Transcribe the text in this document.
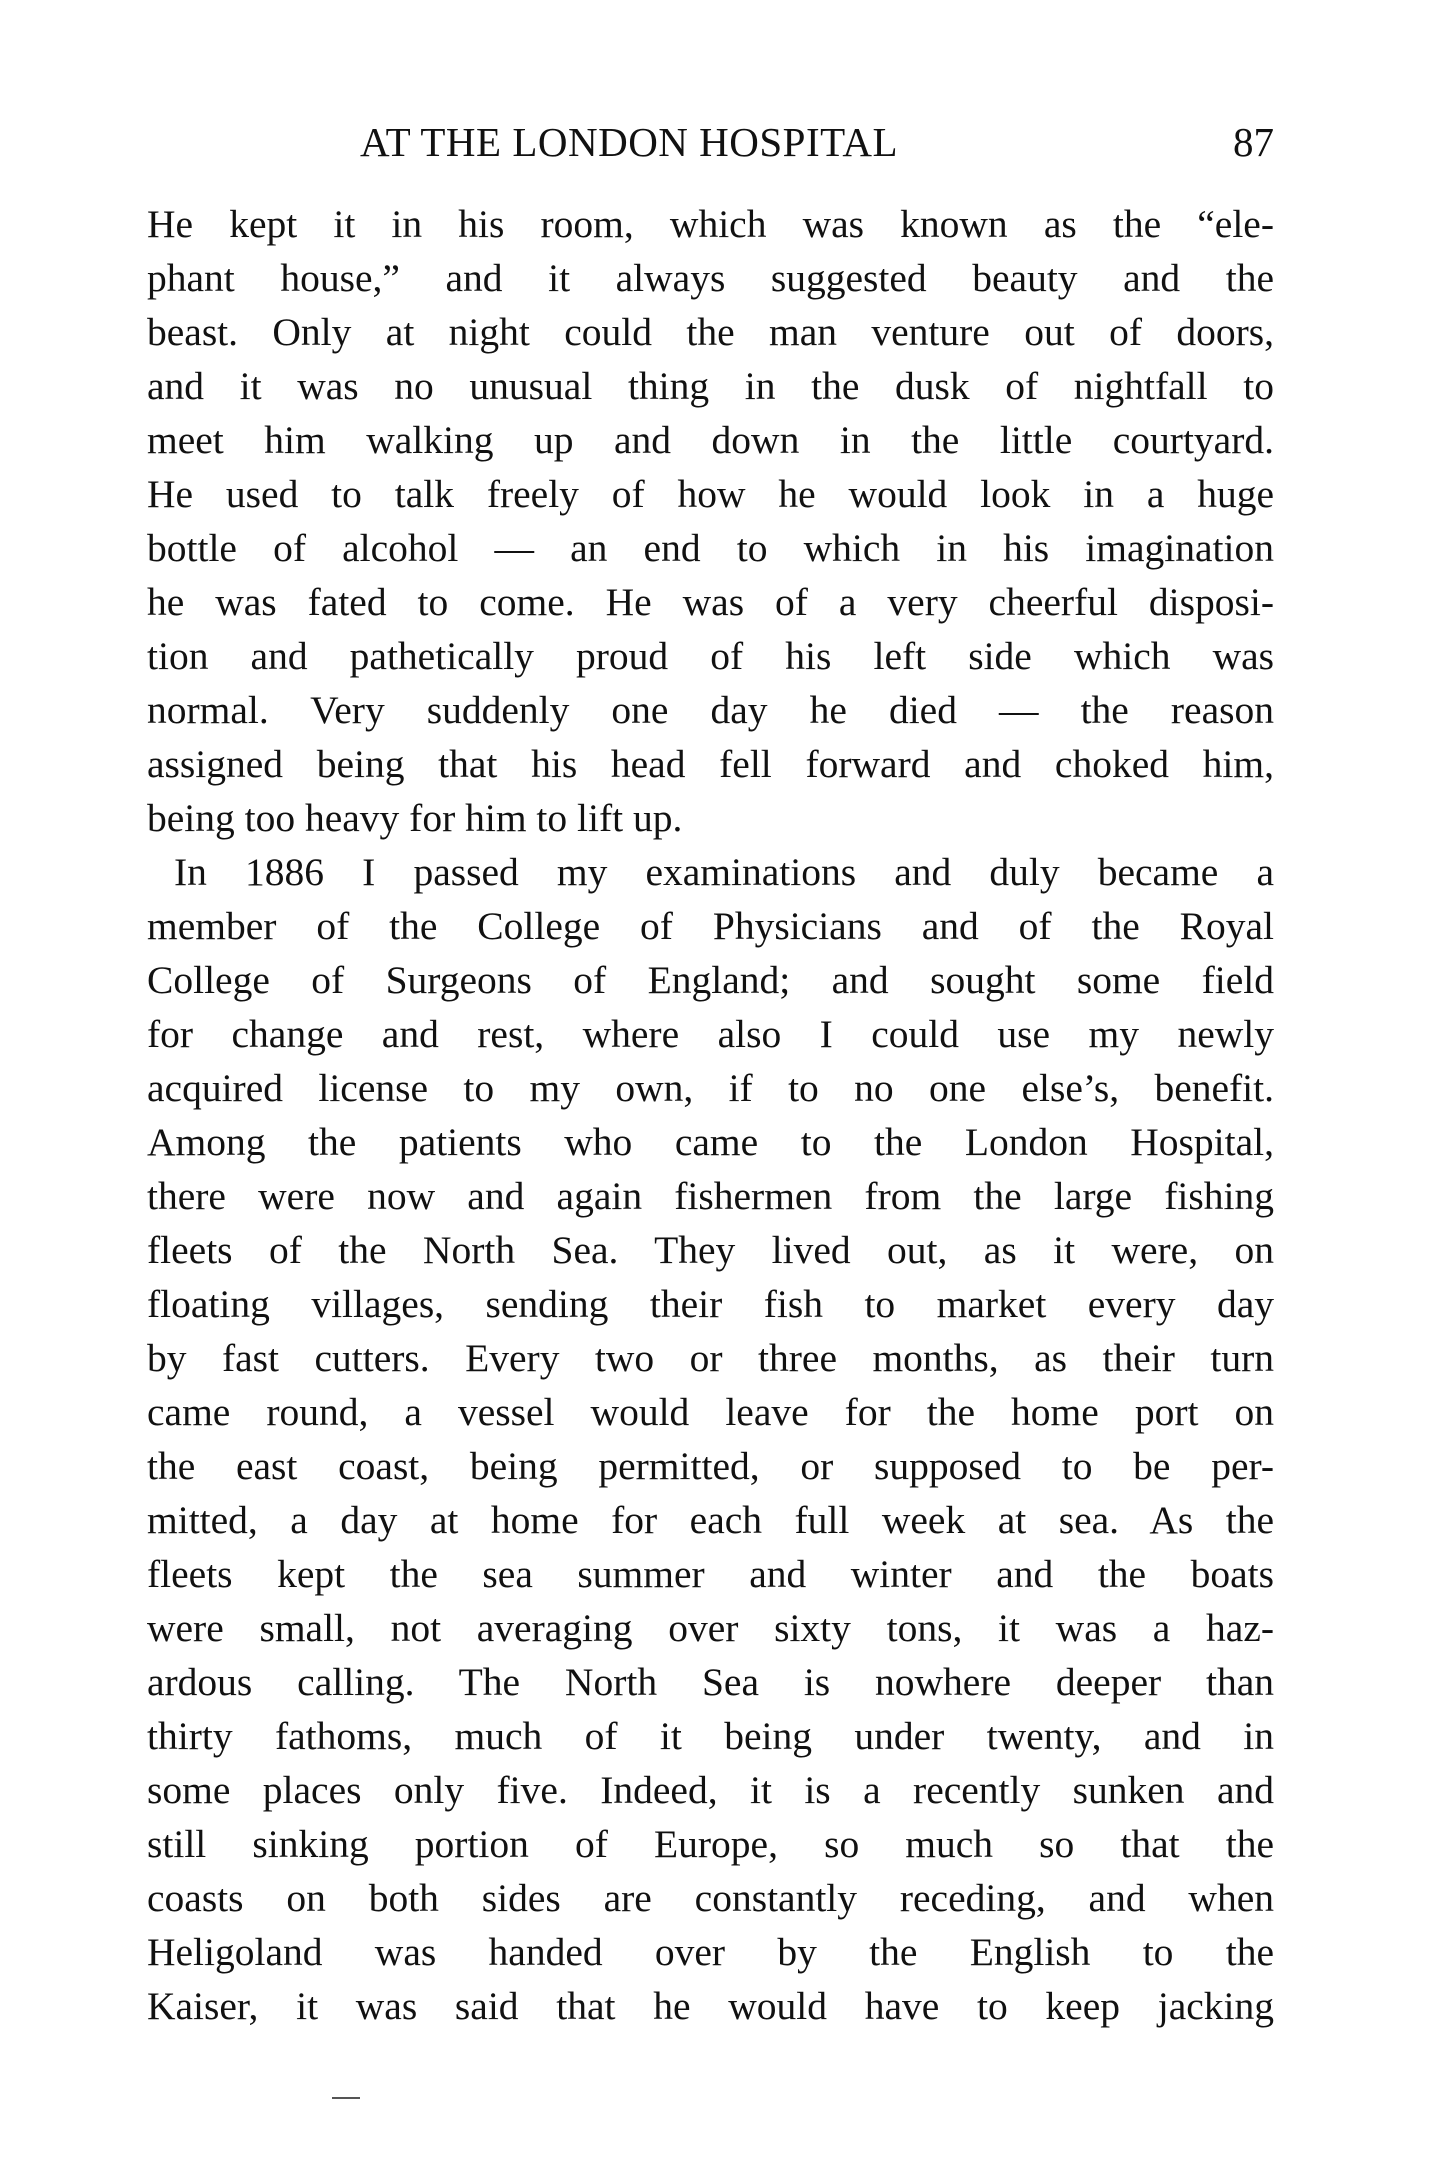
AT THE LONDON HOSPITAL	87
He kept it in his room, which was known as the “ele-
phant house,” and it always suggested beauty and the
beast. Only at night could the man venture out of doors,
and it was no unusual thing in the dusk of nightfall to
meet him walking up and down in the little courtyard.
He used to talk freely of how he would look in a huge
bottle of alcohol — an end to which in his imagination
he was fated to come. He was of a very cheerful disposi-
tion and pathetically proud of his left side which was
normal. Very suddenly one day he died — the reason
assigned being that his head fell forward and choked him,
being too heavy for him to lift up.
In 1886 I passed my examinations and duly became a
member of the College of Physicians and of the Royal
College of Surgeons of England; and sought some field
for change and rest, where also I could use my newly
acquired license to my own, if to no one else’s, benefit.
Among the patients who came to the London Hospital,
there were now and again fishermen from the large fishing
fleets of the North Sea. They lived out, as it were, on
floating villages, sending their fish to market every day
by fast cutters. Every two or three months, as their turn
came round, a vessel would leave for the home port on
the east coast, being permitted, or supposed to be per-
mitted, a day at home for each full week at sea. As the
fleets kept the sea summer and winter and the boats
were small, not averaging over sixty tons, it was a haz-
ardous calling. The North Sea is nowhere deeper than
thirty fathoms, much of it being under twenty, and in
some places only five. Indeed, it is a recently sunken and
still sinking portion of Europe, so much so that the
coasts on both sides are constantly receding, and when
Heligoland was handed over by the English to the
Kaiser, it was said that he would have to keep jacking
